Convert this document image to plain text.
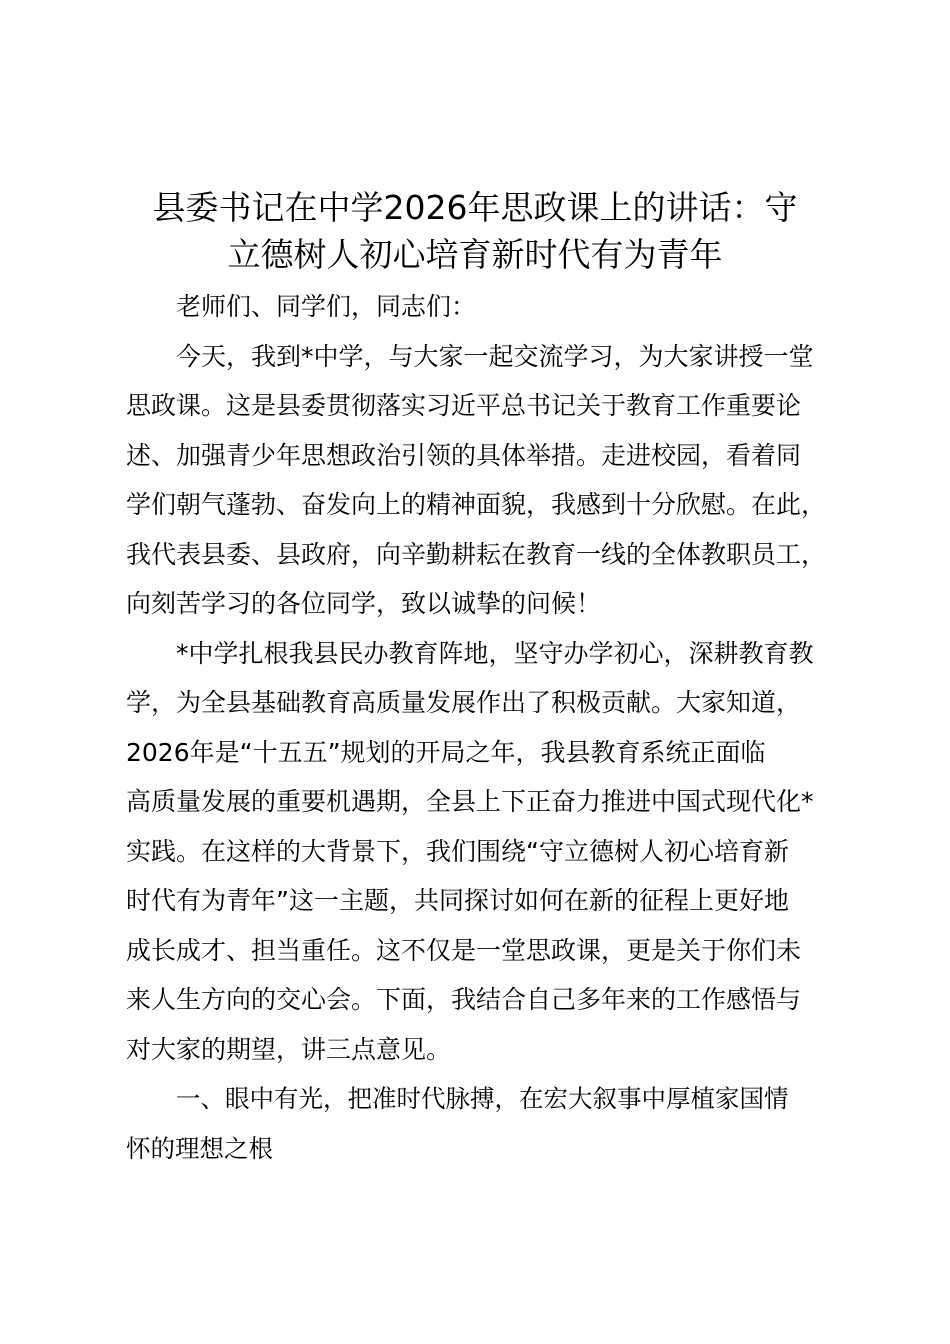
县委书记在中学2026年思政课上的讲话：守
立德树人初心培育新时代有为青年
老师们、同学们，同志们：
今天，我到*中学，与大家一起交流学习，为大家讲授一堂
思政课。这是县委贯彻落实习近平总书记关于教育工作重要论
述、加强青少年思想政治引领的具体举措。走进校园，看着同
学们朝气蓬勃、奋发向上的精神面貌，我感到十分欣慰。在此，
我代表县委、县政府，向辛勤耕耘在教育一线的全体教职员工，
向刻苦学习的各位同学，致以诚挚的问候！
*中学扎根我县民办教育阵地，坚守办学初心，深耕教育教
学，为全县基础教育高质量发展作出了积极贡献。大家知道，
2026年是“十五五”规划的开局之年，我县教育系统正面临
高质量发展的重要机遇期，全县上下正奋力推进中国式现代化*
实践。在这样的大背景下，我们围绕“守立德树人初心培育新
时代有为青年”这一主题，共同探讨如何在新的征程上更好地
成长成才、担当重任。这不仅是一堂思政课，更是关于你们未
来人生方向的交心会。下面，我结合自己多年来的工作感悟与
对大家的期望，讲三点意见。
一、眼中有光，把准时代脉搏，在宏大叙事中厚植家国情
怀的理想之根
